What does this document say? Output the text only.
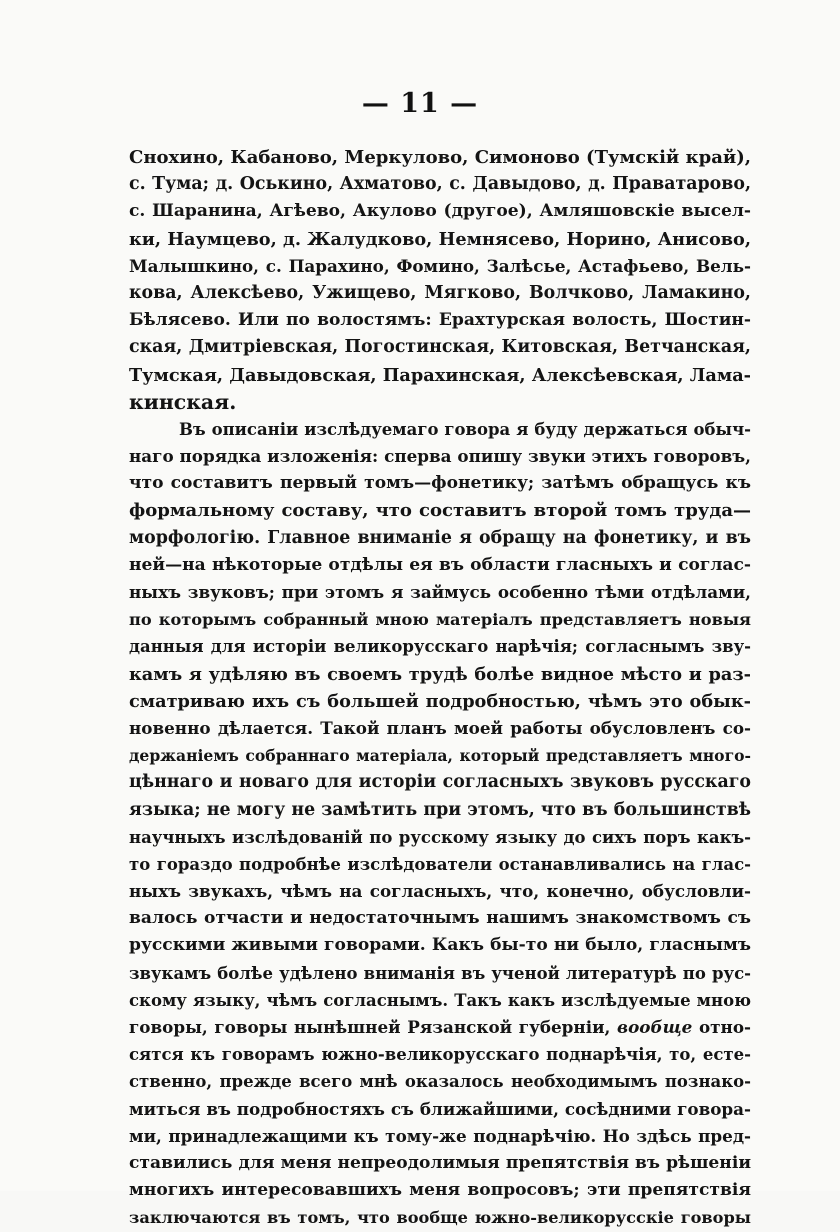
— 11 —
Снохино, Кабаново, Меркулово, Симоново (Тумскій край),
с. Тума; д. Оськино, Ахматово, с. Давыдово, д. Праватарово,
с. Шаранина, Агѣево, Акулово (другое), Амляшовскіе высел-
ки, Наумцево, д. Жалудково, Немнясево, Норино, Анисово,
Малышкино, с. Парахино, Фомино, Залѣсье, Астафьево, Вель-
кова, Алексѣево, Ужищево, Мягково, Волчково, Ламакино,
Бѣлясево. Или по волостямъ: Ерахтурская волость, Шостин-
ская, Дмитріевская, Погостинская, Китовская, Ветчанская,
Тумская, Давыдовская, Парахинская, Алексѣевская, Лама-
кинская.
Въ описаніи изслѣдуемаго говора я буду держаться обыч-
наго порядка изложенія: сперва опишу звуки этихъ говоровъ,
что составитъ первый томъ—фонетику; затѣмъ обращусь къ
формальному составу, что составитъ второй томъ труда—
морфологію. Главное вниманіе я обращу на фонетику, и въ
ней—на нѣкоторые отдѣлы ея въ области гласныхъ и соглас-
ныхъ звуковъ; при этомъ я займусь особенно тѣми отдѣлами,
по которымъ собранный мною матеріалъ представляетъ новыя
данныя для исторіи великорусскаго нарѣчія; согласнымъ зву-
камъ я удѣляю въ своемъ трудѣ болѣе видное мѣсто и раз-
сматриваю ихъ съ большей подробностью, чѣмъ это обык-
новенно дѣлается. Такой планъ моей работы обусловленъ со-
держаніемъ собраннаго матеріала, который представляетъ много-
цѣннаго и новаго для исторіи согласныхъ звуковъ русскаго
языка; не могу не замѣтить при этомъ, что въ большинствѣ
научныхъ изслѣдованій по русскому языку до сихъ поръ какъ-
то гораздо подробнѣе изслѣдователи останавливались на глас-
ныхъ звукахъ, чѣмъ на согласныхъ, что, конечно, обусловли-
валось отчасти и недостаточнымъ нашимъ знакомствомъ съ
русскими живыми говорами. Какъ бы-то ни было, гласнымъ
звукамъ болѣе удѣлено вниманія въ ученой литературѣ по рус-
скому языку, чѣмъ согласнымъ. Такъ какъ изслѣдуемые мною
говоры, говоры нынѣшней Рязанской губерніи, вообще отно-
сятся къ говорамъ южно-великорусскаго поднарѣчія, то, есте-
ственно, прежде всего мнѣ оказалось необходимымъ познако-
миться въ подробностяхъ съ ближайшими, сосѣдними говора-
ми, принадлежащими къ тому-же поднарѣчію. Но здѣсь пред-
ставились для меня непреодолимыя препятствія въ рѣшеніи
многихъ интересовавшихъ меня вопросовъ; эти препятствія
заключаются въ томъ, что вообще южно-великорусскіе говоры
